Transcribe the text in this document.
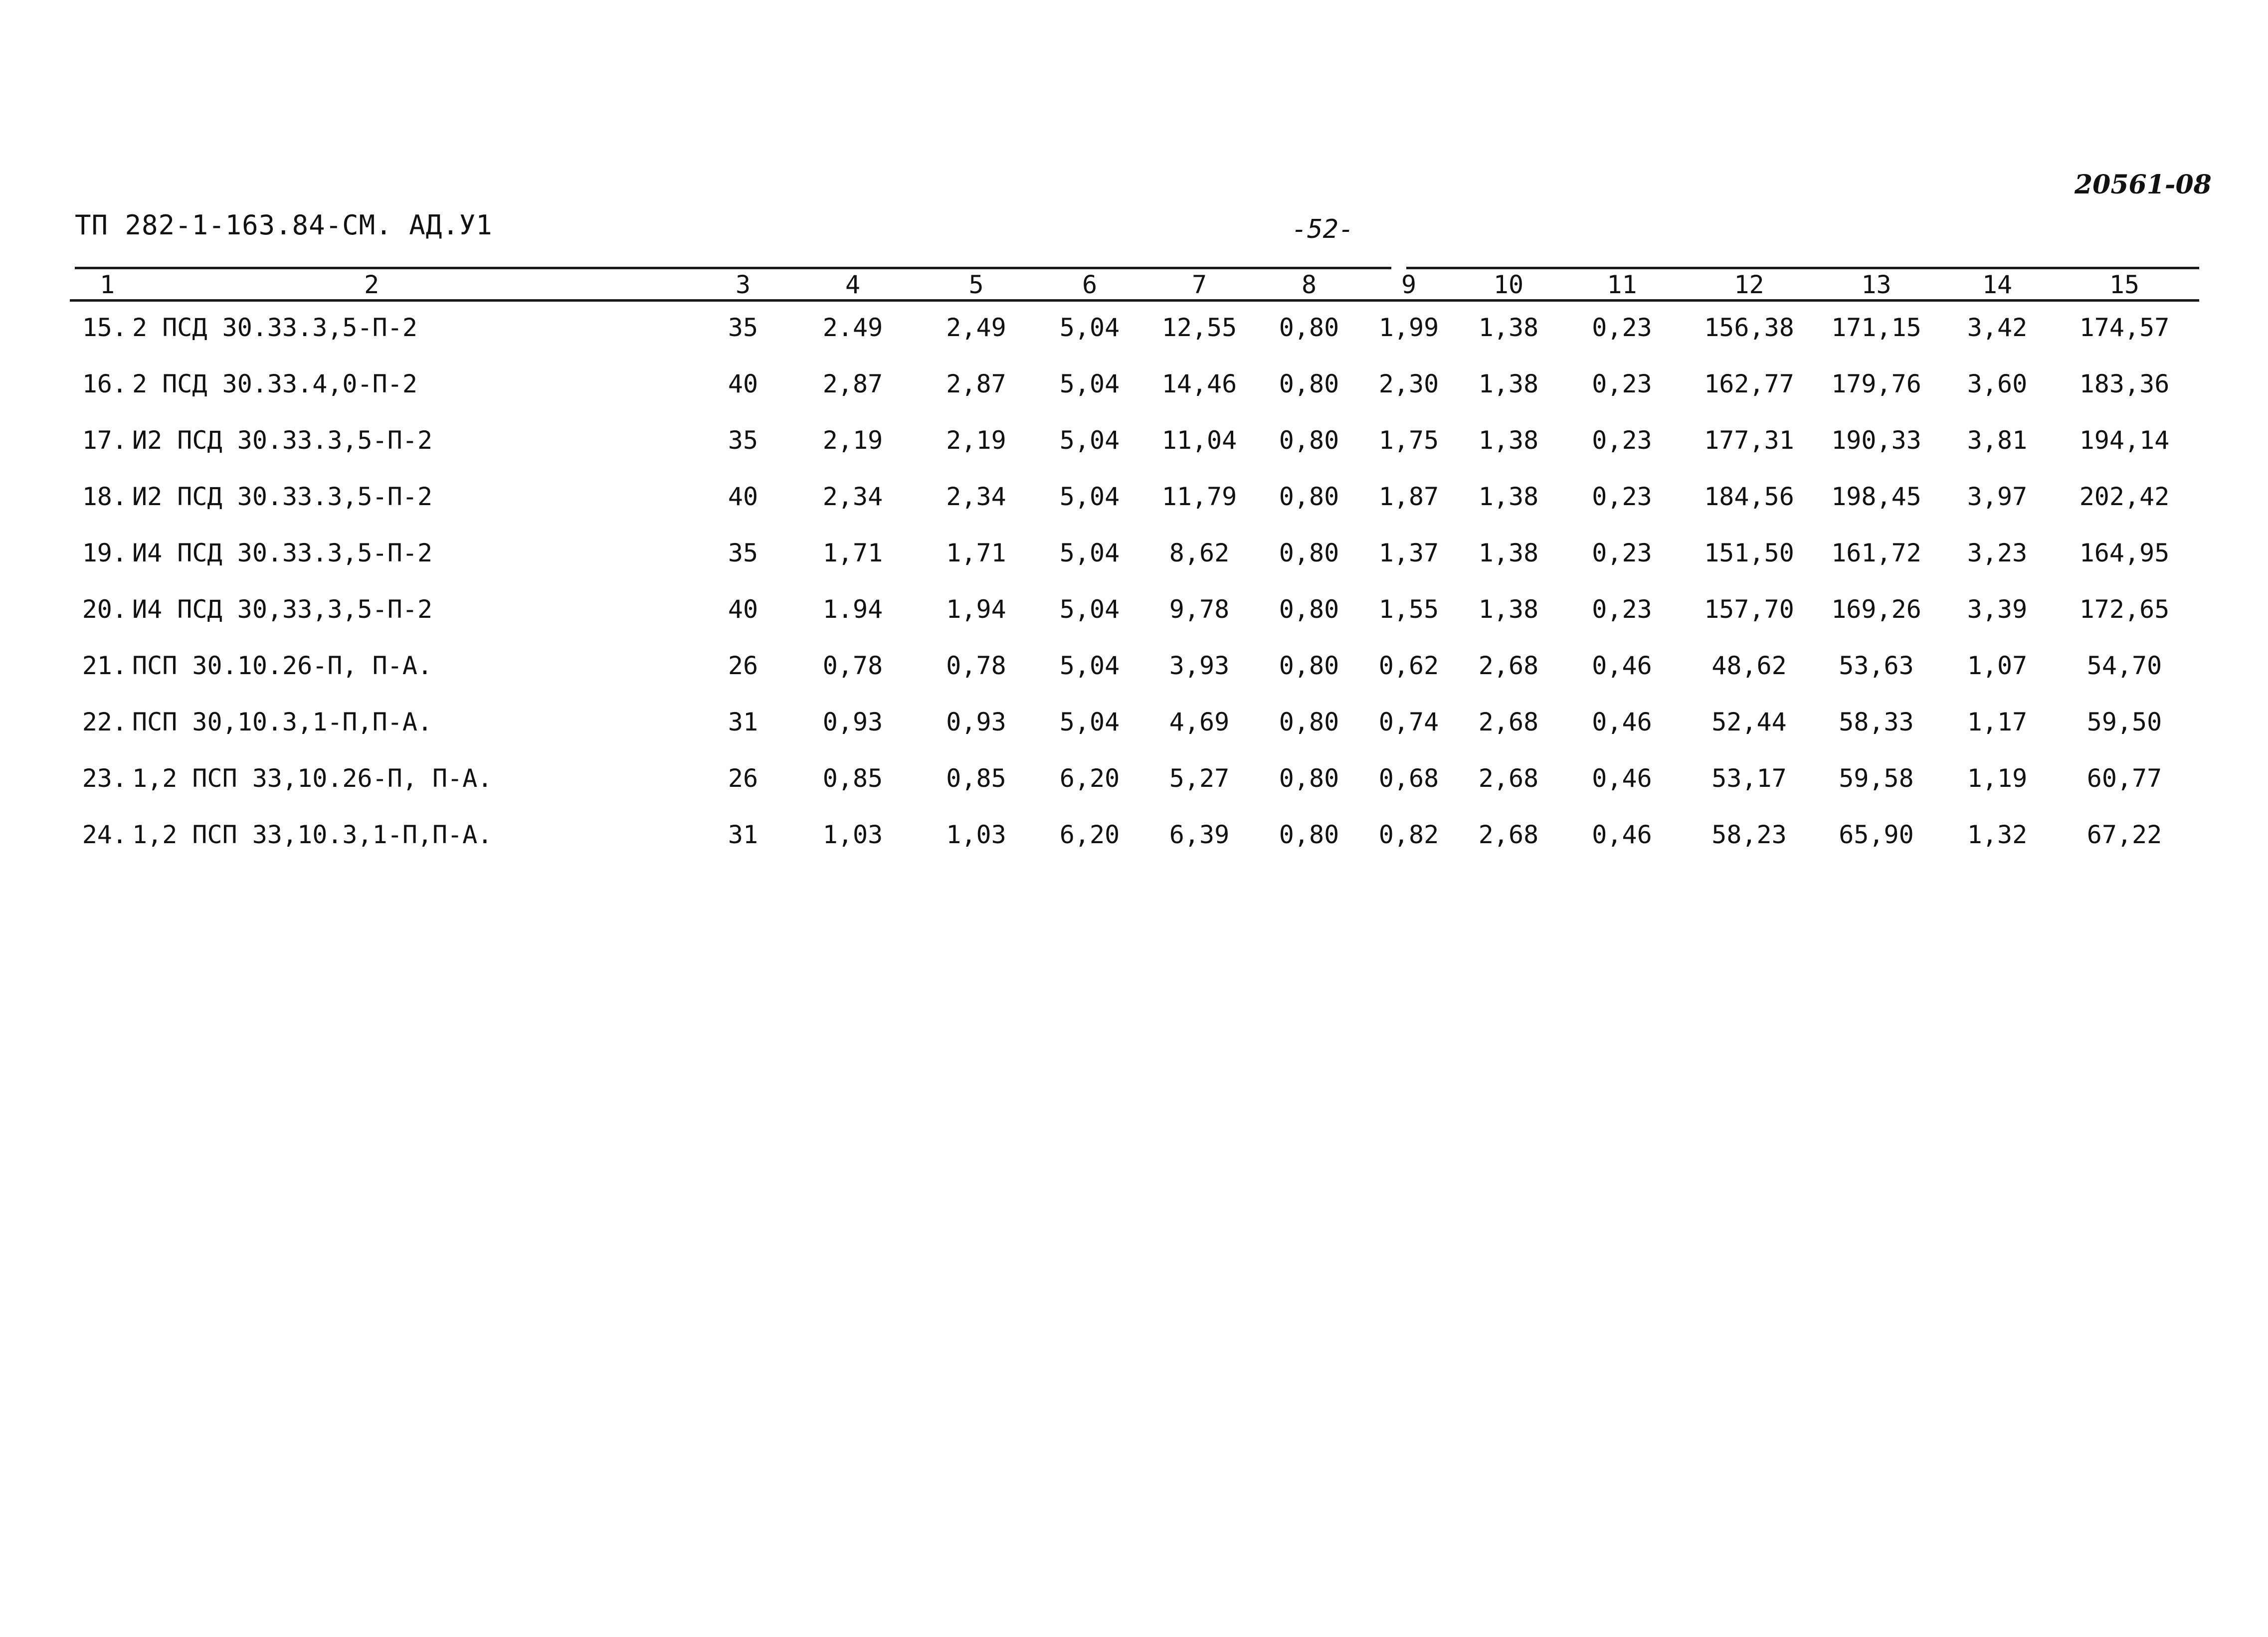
ТП 282-1-163.84-СМ. АД.У1	-52-
20561-08
1 2		3	4	5	6	7	8	9	10	11	12	13	14	15
15.	2 ПСД 30.33.3,5-П-2	35	2.49	2,49	5,04	12,55	0,80	1,99	1,38	0,23	156,38	171,15	3,42	174,57
16.	2 ПСД 30.33.4,0-П-2	40	2,87	2,87	5,04	14,46	0,80	2,30	1,38	0,23	162,77	179,76	3,60	183,36
17.	И2 ПСД 30.33.3,5-П-2	35	2,19	2,19	5,04	11,04	0,80	1,75	1,38	0,23	177,31	190,33	3,81	194,14
18.	И2 ПСД 30.33.3,5-П-2	40	2,34	2,34	5,04	11,79	0,80	1,87	1,38	0,23	184,56	198,45	3,97	202,42
19.	И4 ПСД 30.33.3,5-П-2	35	1,71	1,71	5,04	8,62	0,80	1,37	1,38	0,23	151,50	161,72	3,23	164,95
20.	И4 ПСД 30,33,3,5-П-2	40	1.94	1,94	5,04	9,78	0,80	1,55	1,38	0,23	157,70	169,26	3,39	172,65
21.	ПСП 30.10.26-П, П-А.	26	0,78	0,78	5,04	3,93	0,80	0,62	2,68	0,46	48,62	53,63	1,07	54,70
22.	ПСП 30,10.3,1-П,П-А.	31	0,93	0,93	5,04	4,69	0,80	0,74	2,68	0,46	52,44	58,33	1,17	59,50
23.	1,2 ПСП 33,10.26-П, П-А.	26	0,85	0,85	6,20	5,27	0,80	0,68	2,68	0,46	53,17	59,58	1,19	60,77
24.	1,2 ПСП 33,10.3,1-П,П-А.	31	1,03	1,03	6,20	6,39	0,80	0,82	2,68	0,46	58,23	65,90	1,32	67,22
